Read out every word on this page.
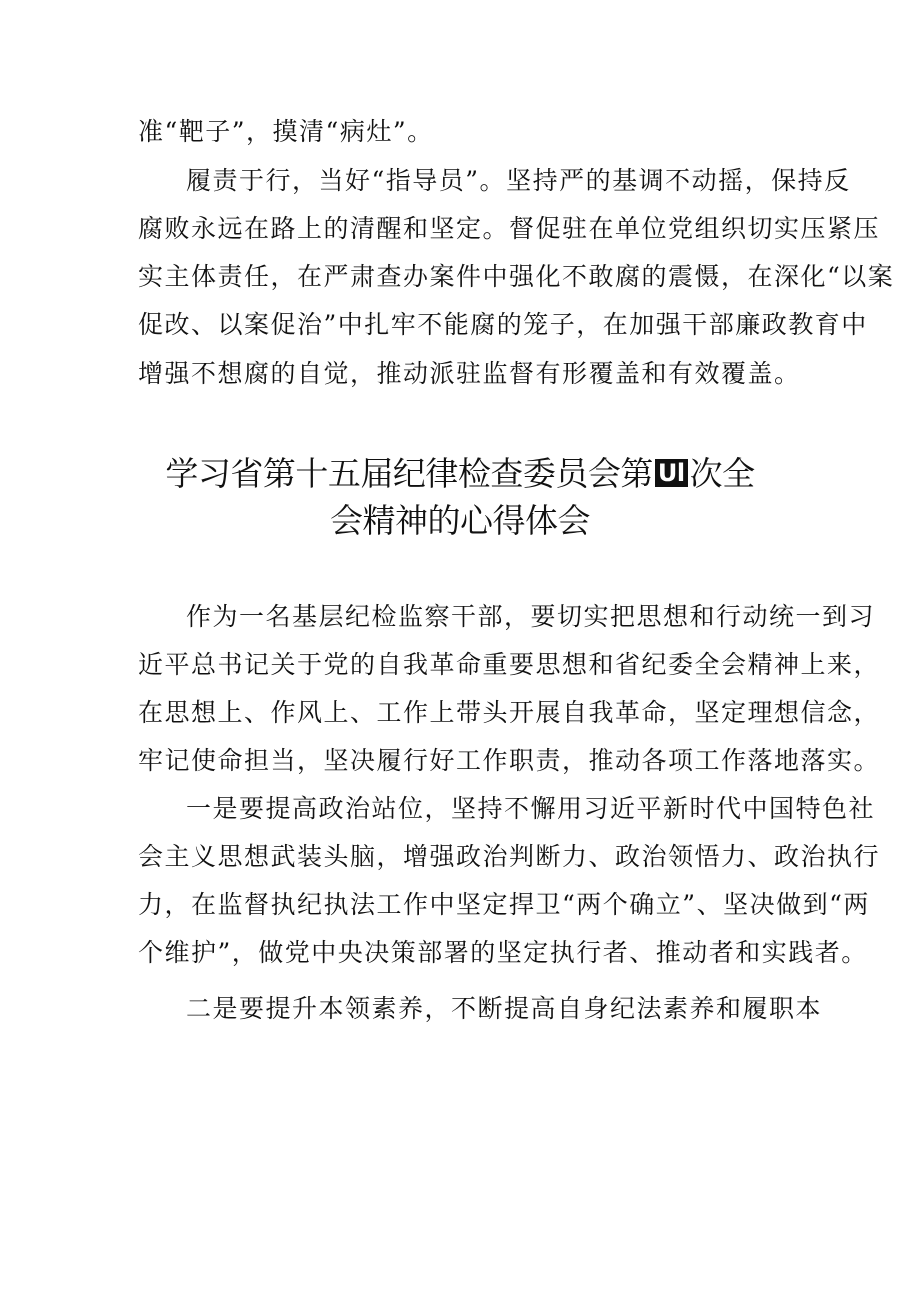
准“靶子”，摸清“病灶”。
履责于行，当好“指导员”。坚持严的基调不动摇，保持反
腐败永远在路上的清醒和坚定。督促驻在单位党组织切实压紧压
实主体责任，在严肃查办案件中强化不敢腐的震慑，在深化“以案
促改、以案促治”中扎牢不能腐的笼子，在加强干部廉政教育中
增强不想腐的自觉，推动派驻监督有形覆盖和有效覆盖。
学习省第十五届纪律检查委员会第 Ul 次全
会精神的心得体会
作为一名基层纪检监察干部，要切实把思想和行动统一到习
近平总书记关于党的自我革命重要思想和省纪委全会精神上来，
在思想上、作风上、工作上带头开展自我革命，坚定理想信念，
牢记使命担当，坚决履行好工作职责，推动各项工作落地落实。
一是要提高政治站位，坚持不懈用习近平新时代中国特色社
会主义思想武装头脑，增强政治判断力、政治领悟力、政治执行
力，在监督执纪执法工作中坚定捍卫“两个确立”、坚决做到“两
个维护”，做党中央决策部署的坚定执行者、推动者和实践者。
二是要提升本领素养，不断提高自身纪法素养和履职本
